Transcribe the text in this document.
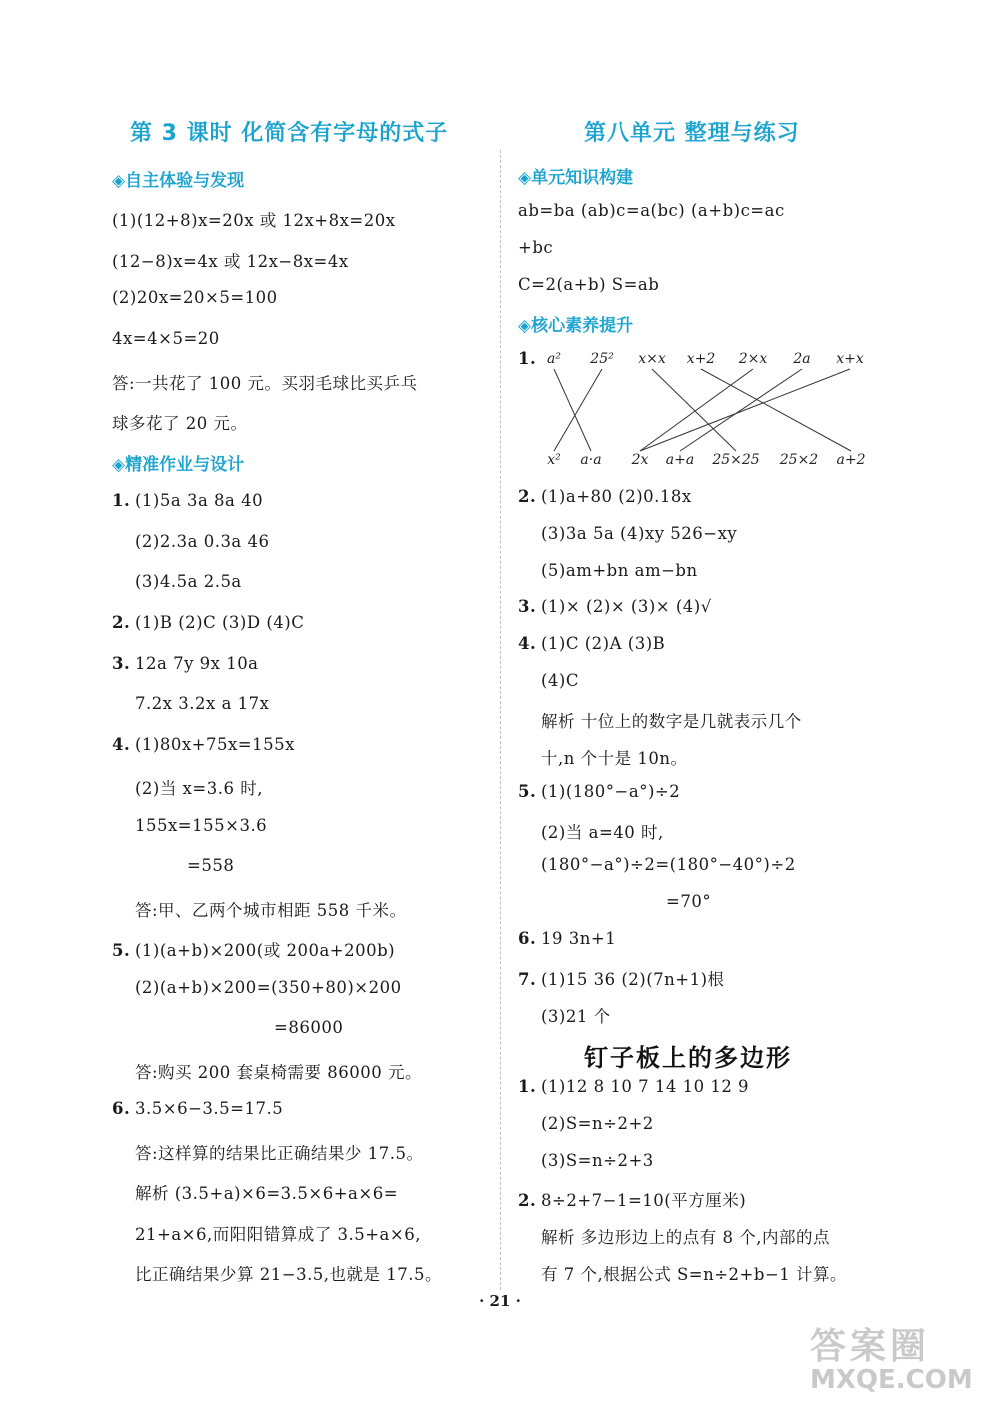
第 3 课时 化简含有字母的式子
◈自主体验与发现
(1)(12+8)x=20x 或 12x+8x=20x
(12−8)x=4x 或 12x−8x=4x
(2)20x=20×5=100
4x=4×5=20
答:一共花了 100 元。买羽毛球比买乒乓
球多花了 20 元。
◈精准作业与设计
1. (1)5a 3a 8a 40
(2)2.3a 0.3a 46
(3)4.5a 2.5a
2. (1)B (2)C (3)D (4)C
3. 12a 7y 9x 10a
7.2x 3.2x a 17x
4. (1)80x+75x=155x
(2)当 x=3.6 时,
155x=155×3.6
=558
答:甲、乙两个城市相距 558 千米。
5. (1)(a+b)×200(或 200a+200b)
(2)(a+b)×200=(350+80)×200
=86000
答:购买 200 套桌椅需要 86000 元。
6. 3.5×6−3.5=17.5
答:这样算的结果比正确结果少 17.5。
解析 (3.5+a)×6=3.5×6+a×6=
21+a×6,而阳阳错算成了 3.5+a×6,
比正确结果少算 21−3.5,也就是 17.5。
第八单元 整理与练习
◈单元知识构建
ab=ba (ab)c=a(bc) (a+b)c=ac
+bc
C=2(a+b) S=ab
◈核心素养提升
1. a² 25² x×x x+2 2×x 2a x+x
x² a·a 2x a+a 25×25 25×2 a+2
2. (1)a+80 (2)0.18x
(3)3a 5a (4)xy 526−xy
(5)am+bn am−bn
3. (1)× (2)× (3)× (4)√
4. (1)C (2)A (3)B
(4)C
解析 十位上的数字是几就表示几个
十,n 个十是 10n。
5. (1)(180°−a°)÷2
(2)当 a=40 时,
(180°−a°)÷2=(180°−40°)÷2
=70°
6. 19 3n+1
7. (1)15 36 (2)(7n+1)根
(3)21 个
钉子板上的多边形
1. (1)12 8 10 7 14 10 12 9
(2)S=n÷2+2
(3)S=n÷2+3
2. 8÷2+7−1=10(平方厘米)
解析 多边形边上的点有 8 个,内部的点
有 7 个,根据公式 S=n÷2+b−1 计算。
· 21 ·
答案圈
MXQE.COM
